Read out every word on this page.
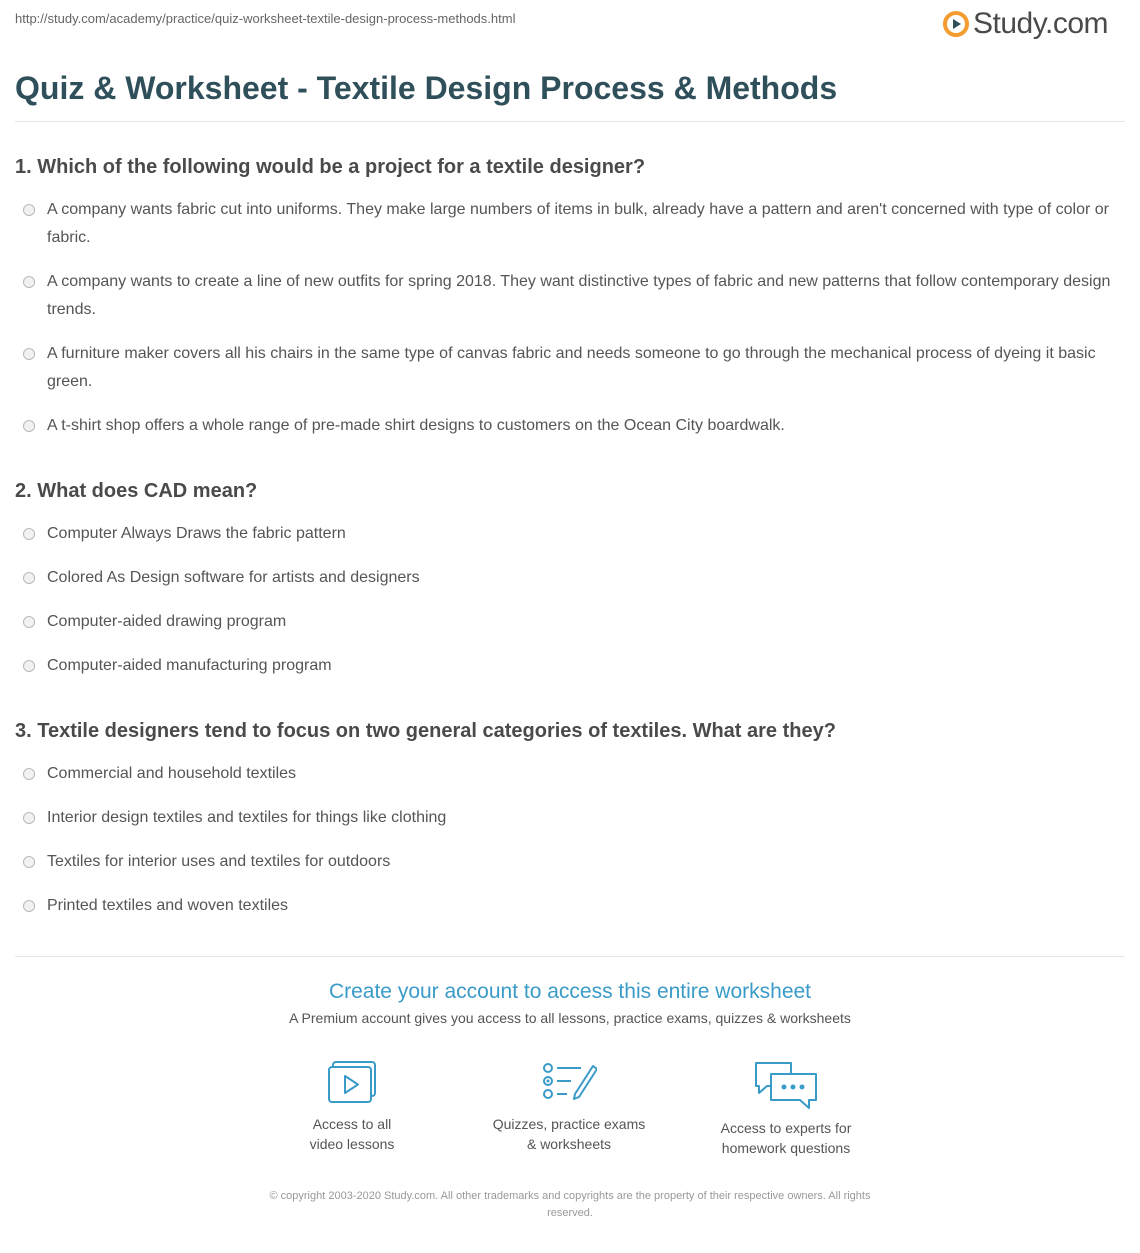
http://study.com/academy/practice/quiz-worksheet-textile-design-process-methods.html	Study.com
Quiz & Worksheet - Textile Design Process & Methods
1. Which of the following would be a project for a textile designer?
A company wants fabric cut into uniforms. They make large numbers of items in bulk, already have a pattern and aren't concerned with type of color or fabric.
A company wants to create a line of new outfits for spring 2018. They want distinctive types of fabric and new patterns that follow contemporary design trends.
A furniture maker covers all his chairs in the same type of canvas fabric and needs someone to go through the mechanical process of dyeing it basic green.
A t-shirt shop offers a whole range of pre-made shirt designs to customers on the Ocean City boardwalk.
2. What does CAD mean?
Computer Always Draws the fabric pattern
Colored As Design software for artists and designers
Computer-aided drawing program
Computer-aided manufacturing program
3. Textile designers tend to focus on two general categories of textiles. What are they?
Commercial and household textiles
Interior design textiles and textiles for things like clothing
Textiles for interior uses and textiles for outdoors
Printed textiles and woven textiles
Create your account to access this entire worksheet
A Premium account gives you access to all lessons, practice exams, quizzes & worksheets
Access to all
video lessons
Quizzes, practice exams
& worksheets
Access to experts for
homework questions
© copyright 2003-2020 Study.com. All other trademarks and copyrights are the property of their respective owners. All rights
reserved.
